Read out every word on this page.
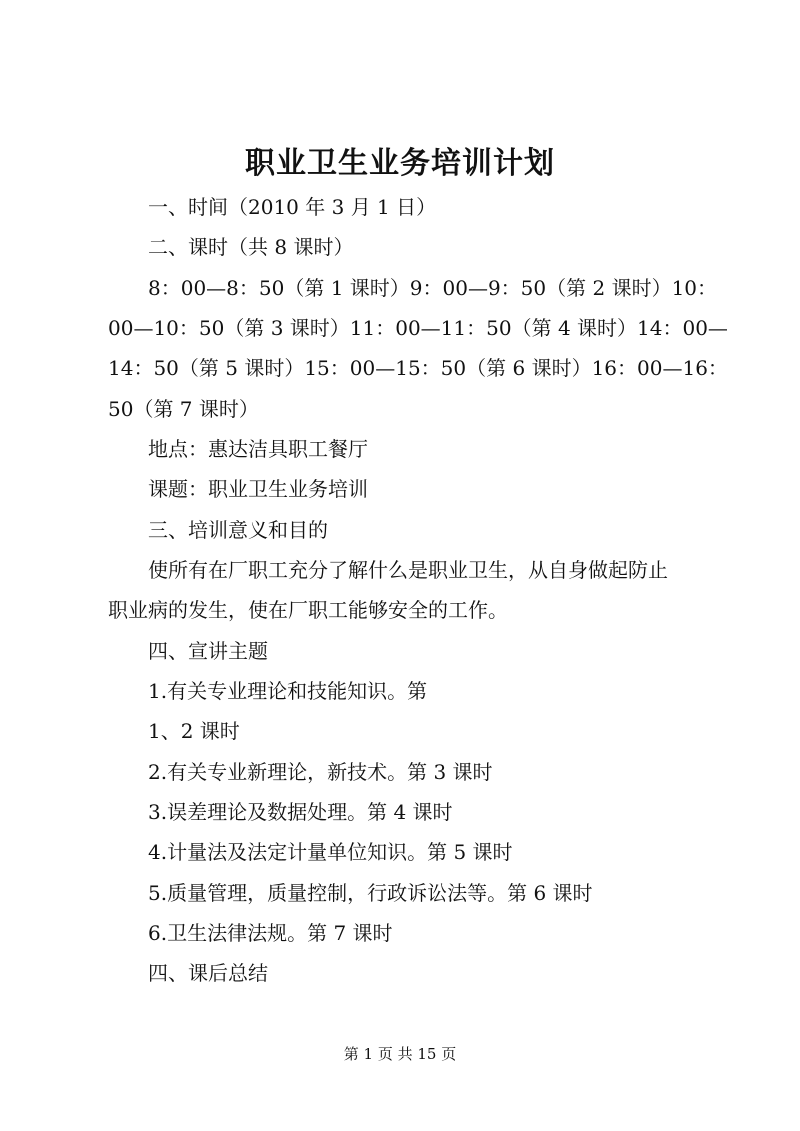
职业卫生业务培训计划
一、时间（2010 年 3 月 1 日）
二、课时（共 8 课时）
8：00—8：50（第 1 课时）9：00—9：50（第 2 课时）10：
00—10：50（第 3 课时）11：00—11：50（第 4 课时）14：00—
14：50（第 5 课时）15：00—15：50（第 6 课时）16：00—16：
50（第 7 课时）
地点：惠达洁具职工餐厅
课题：职业卫生业务培训
三、培训意义和目的
使所有在厂职工充分了解什么是职业卫生，从自身做起防止
职业病的发生，使在厂职工能够安全的工作。
四、宣讲主题
1.有关专业理论和技能知识。第
1、2 课时
2.有关专业新理论，新技术。第 3 课时
3.误差理论及数据处理。第 4 课时
4.计量法及法定计量单位知识。第 5 课时
5.质量管理，质量控制，行政诉讼法等。第 6 课时
6.卫生法律法规。第 7 课时
四、课后总结
第 1 页 共 15 页
